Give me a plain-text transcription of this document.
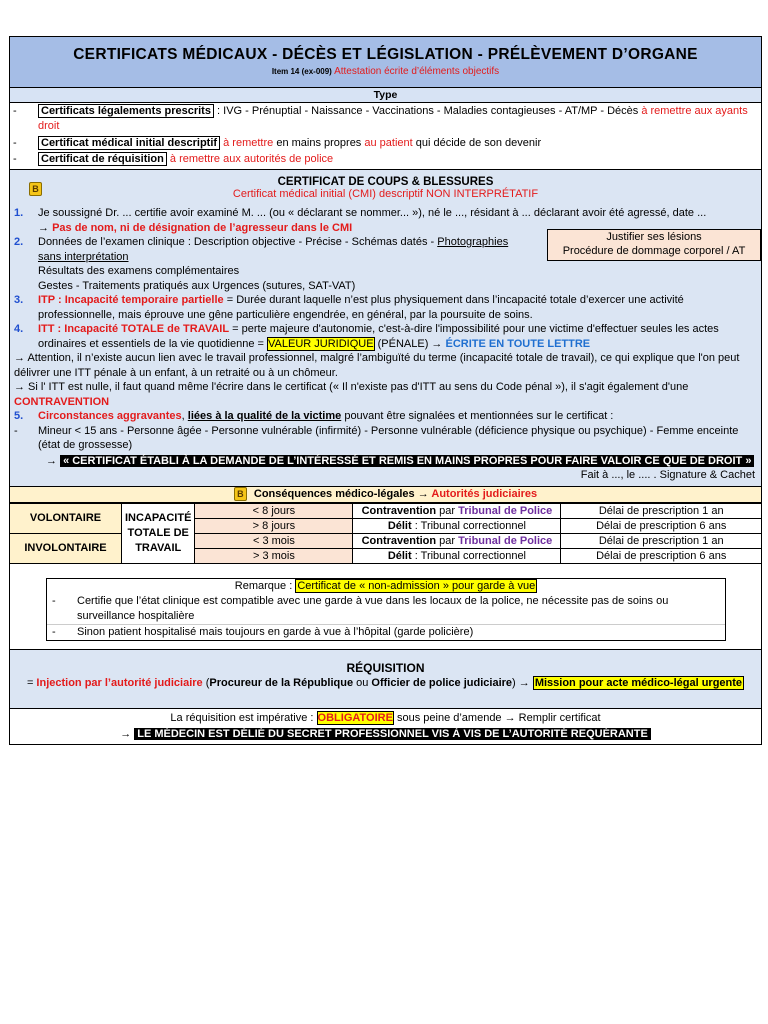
CERTIFICATS MÉDICAUX - DÉCÈS ET LÉGISLATION - PRÉLÈVEMENT D’ORGANE
Item 14 (ex-009) Attestation écrite d’éléments objectifs
Type
- Certificats légalements prescrits : IVG - Prénuptial - Naissance - Vaccinations - Maladies contagieuses - AT/MP - Décès à remettre aux ayants droit
- Certificat médical initial descriptif à remettre en mains propres au patient qui décide de son devenir
- Certificat de réquisition à remettre aux autorités de police
B
CERTIFICAT DE COUPS & BLESSURES
Certificat médical initial (CMI) descriptif NON INTERPRÉTATIF
1. Je soussigné Dr. ... certifie avoir examiné M. ... (ou « déclarant se nommer... »), né le ..., résidant à ... déclarant avoir été agressé, date ...
→ Pas de nom, ni de désignation de l’agresseur dans le CMI
2. Données de l’examen clinique : Description objective - Précise - Schémas datés - Photographies sans interprétation
Résultats des examens complémentaires
Gestes - Traitements pratiqués aux Urgences (sutures, SAT-VAT)
3. ITP : Incapacité temporaire partielle = Durée durant laquelle n’est plus physiquement dans l’incapacité totale d’exercer une activité professionnelle, mais éprouve une gêne particulière engendrée, en général, par la poursuite de soins.
4. ITT : Incapacité TOTALE de TRAVAIL = perte majeure d'autonomie, c'est-à-dire l'impossibilité pour une victime d'effectuer seules les actes ordinaires et essentiels de la vie quotidienne = VALEUR JURIDIQUE (PÉNALE) → ÉCRITE EN TOUTE LETTRE
→ Attention, il n’existe aucun lien avec le travail professionnel, malgré l’ambiguïté du terme (incapacité totale de travail), ce qui explique que l'on peut délivrer une ITT pénale à un enfant, à un retraité ou à un chômeur.
→ Si l' ITT est nulle, il faut quand même l'écrire dans le certificat (« Il n'existe pas d'ITT au sens du Code pénal »), il s'agit également d'une CONTRAVENTION
5. Circonstances aggravantes, liées à la qualité de la victime pouvant être signalées et mentionnées sur le certificat :
- Mineur < 15 ans - Personne âgée - Personne vulnérable (infirmité) - Personne vulnérable (déficience physique ou psychique) - Femme enceinte (état de grossesse)
→ « CERTIFICAT ÉTABLI À LA DEMANDE DE L’INTÉRESSÉ ET REMIS EN MAINS PROPRES POUR FAIRE VALOIR CE QUE DE DROIT »
Fait à ..., le .... . Signature & Cachet
Justifier ses lésions
Procédure de dommage corporel / AT
B Conséquences médico-légales → Autorités judiciaires
VOLONTAIRE	INCAPACITÉ TOTALE DE TRAVAIL	< 8 jours	Contravention par Tribunal de Police	Délai de prescription 1 an
		> 8 jours	Délit : Tribunal correctionnel	Délai de prescription 6 ans
INVOLONTAIRE		< 3 mois	Contravention par Tribunal de Police	Délai de prescription 1 an
		> 3 mois	Délit : Tribunal correctionnel	Délai de prescription 6 ans
Remarque : Certificat de « non-admission » pour garde à vue
- Certifie que l’état clinique est compatible avec une garde à vue dans les locaux de la police, ne nécessite pas de soins ou surveillance hospitalière
- Sinon patient hospitalisé mais toujours en garde à vue à l’hôpital (garde policière)
RÉQUISITION
= Injection par l’autorité judiciaire (Procureur de la République ou Officier de police judiciaire) → Mission pour acte médico-légal urgente
La réquisition est impérative : OBLIGATOIRE sous peine d’amende → Remplir certificat
→ LE MÉDECIN EST DÉLIÉ DU SECRET PROFESSIONNEL VIS À VIS DE L’AUTORITÉ REQUÉRANTE
